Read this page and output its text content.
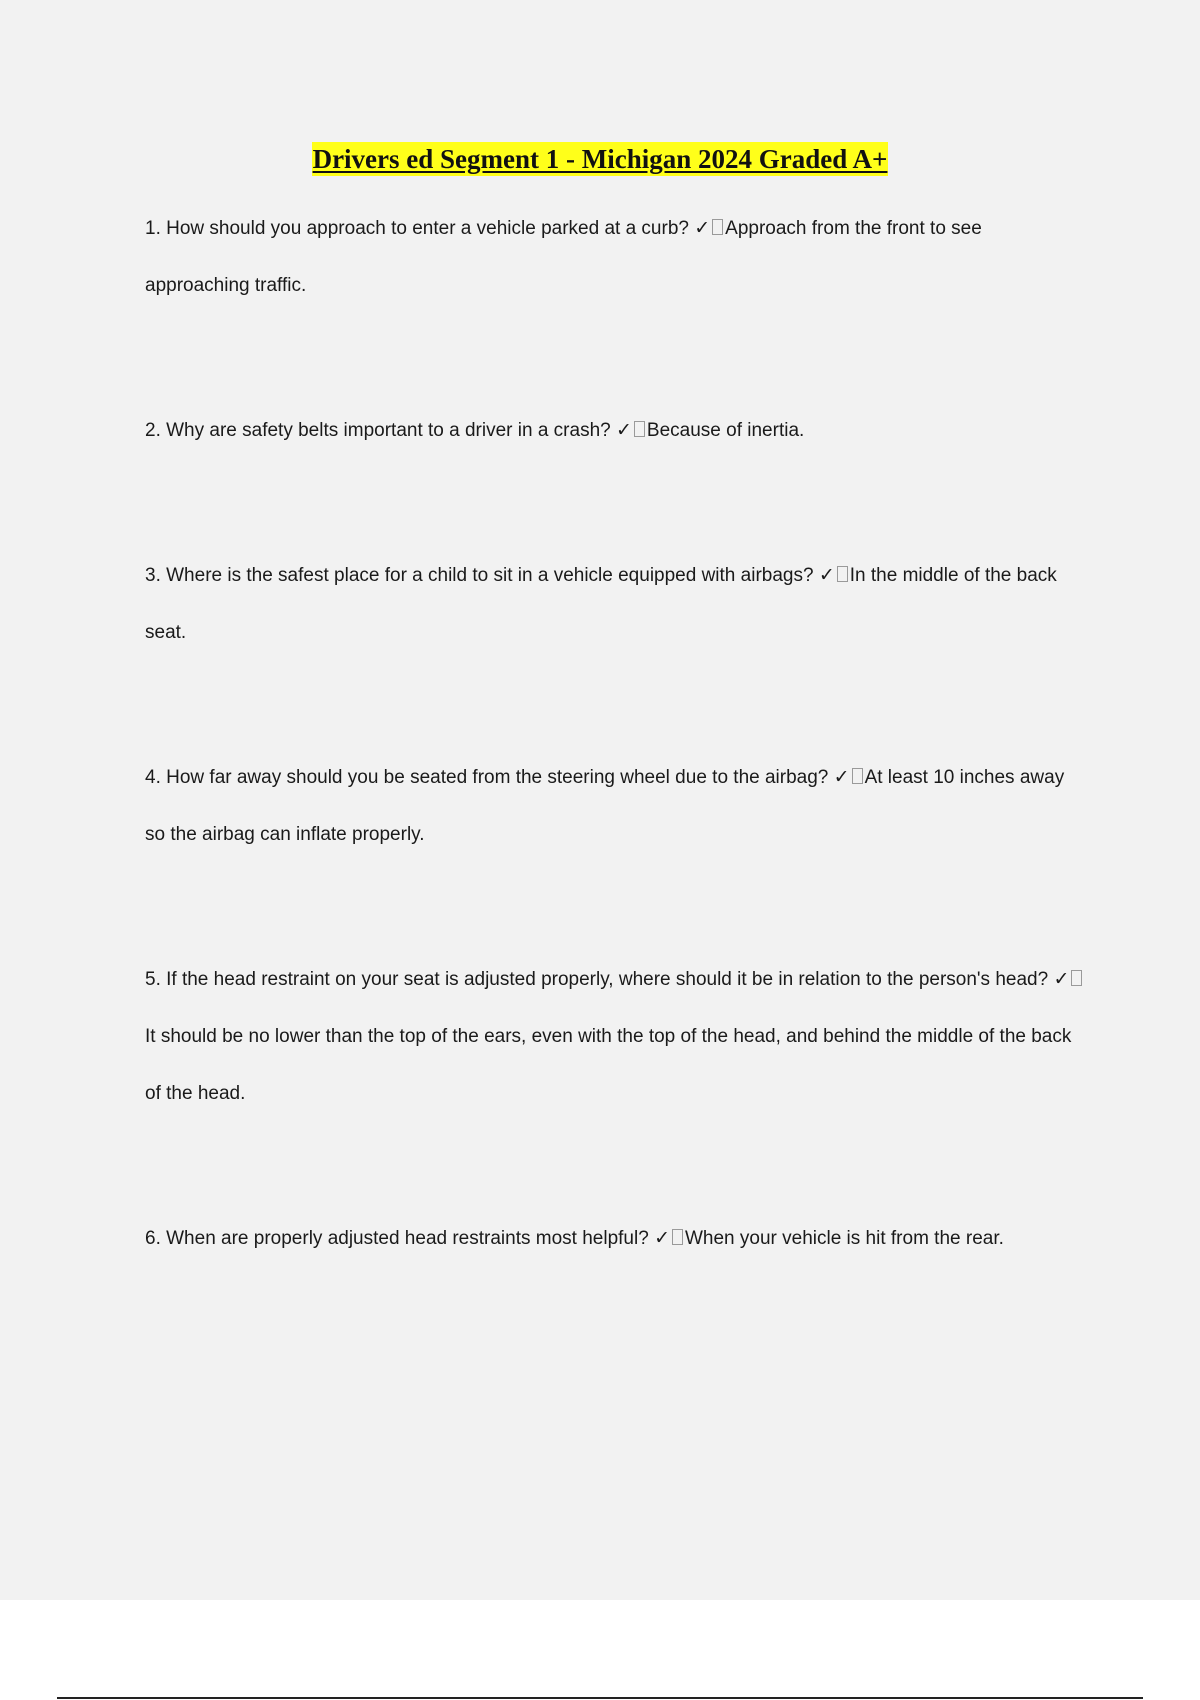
Drivers ed Segment 1 - Michigan 2024 Graded A+
1. How should you approach to enter a vehicle parked at a curb? ✓ Approach from the front to see approaching traffic.
2. Why are safety belts important to a driver in a crash? ✓ Because of inertia.
3. Where is the safest place for a child to sit in a vehicle equipped with airbags? ✓ In the middle of the back seat.
4. How far away should you be seated from the steering wheel due to the airbag? ✓ At least 10 inches away so the airbag can inflate properly.
5. If the head restraint on your seat is adjusted properly, where should it be in relation to the person's head? ✓It should be no lower than the top of the ears, even with the top of the head, and behind the middle of the back of the head.
6. When are properly adjusted head restraints most helpful? ✓ When your vehicle is hit from the rear.
